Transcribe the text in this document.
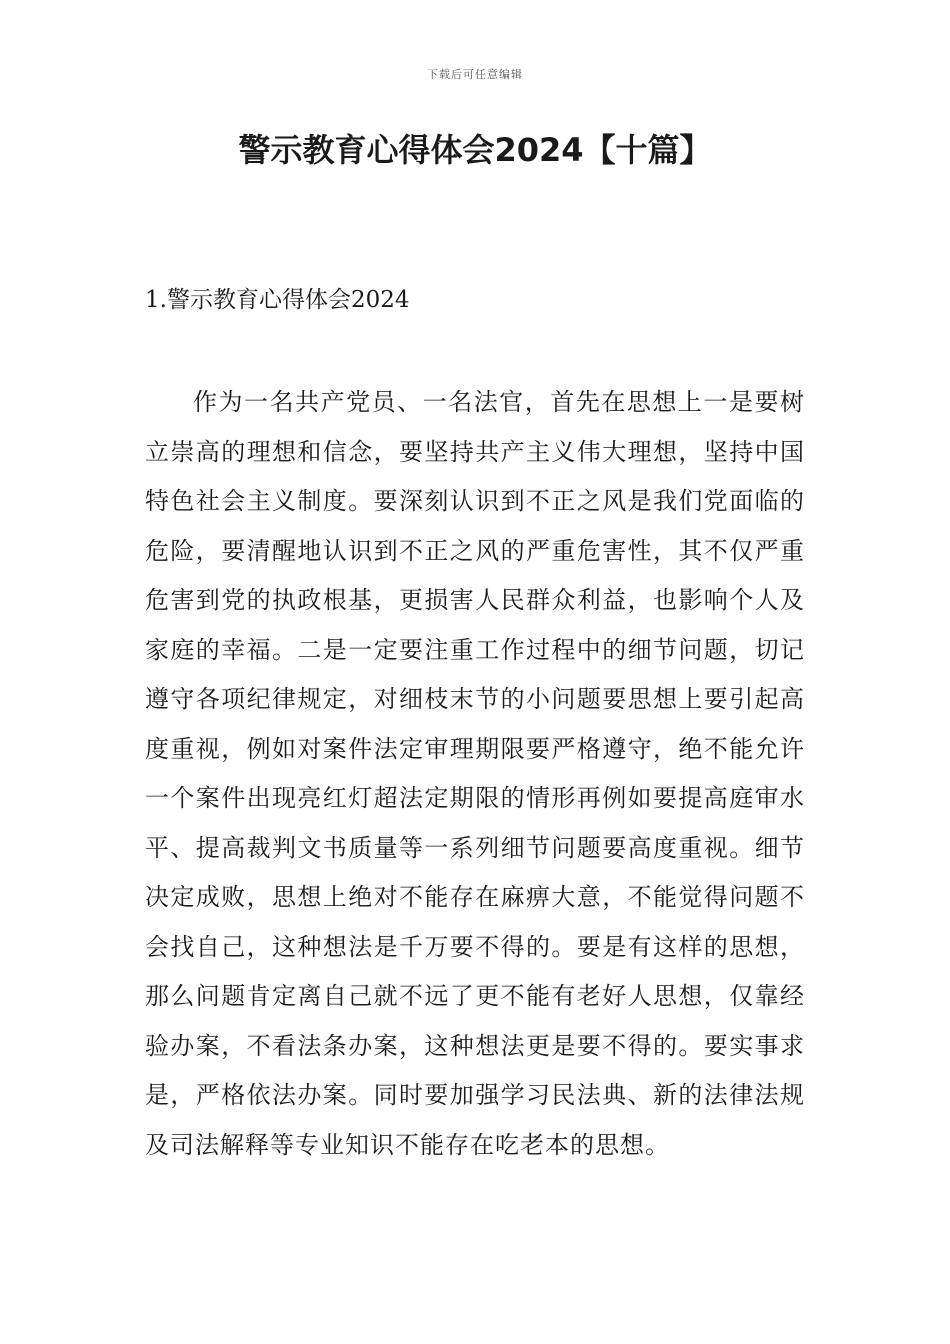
下载后可任意编辑
警示教育心得体会2024【十篇】
1.警示教育心得体会2024

作为一名共产党员、一名法官，首先在思想上一是要树立崇高的理想和信念，要坚持共产主义伟大理想，坚持中国特色社会主义制度。要深刻认识到不正之风是我们党面临的危险，要清醒地认识到不正之风的严重危害性，其不仅严重危害到党的执政根基，更损害人民群众利益，也影响个人及家庭的幸福。二是一定要注重工作过程中的细节问题，切记遵守各项纪律规定，对细枝末节的小问题要思想上要引起高度重视，例如对案件法定审理期限要严格遵守，绝不能允许一个案件出现亮红灯超法定期限的情形再例如要提高庭审水平、提高裁判文书质量等一系列细节问题要高度重视。细节决定成败，思想上绝对不能存在麻痹大意，不能觉得问题不会找自己，这种想法是千万要不得的。要是有这样的思想，那么问题肯定离自己就不远了更不能有老好人思想，仅靠经验办案，不看法条办案，这种想法更是要不得的。要实事求是，严格依法办案。同时要加强学习民法典、新的法律法规及司法解释等专业知识不能存在吃老本的思想。
